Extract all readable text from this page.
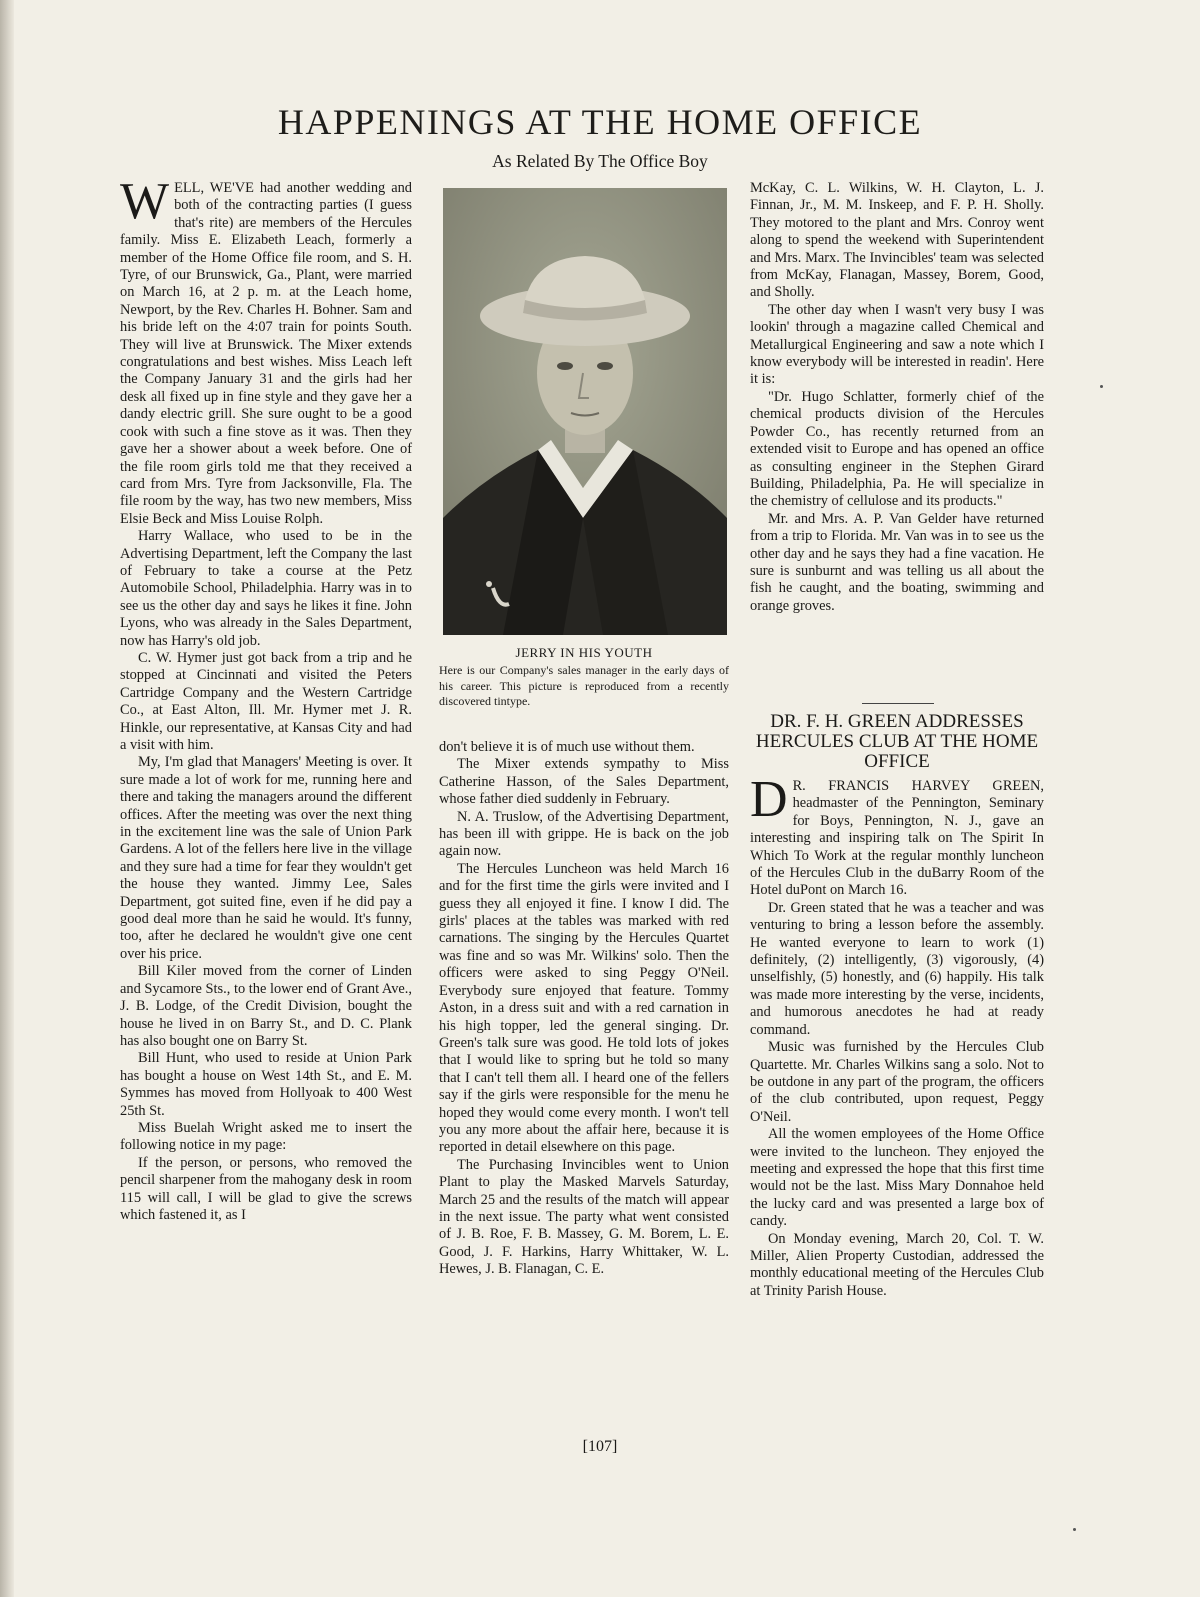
HAPPENINGS AT THE HOME OFFICE
As Related By The Office Boy

WELL, WE'VE had another wedding and both of the contracting parties (I guess that's rite) are members of the Hercules family. Miss E. Elizabeth Leach, formerly a member of the Home Office file room, and S. H. Tyre, of our Brunswick, Ga., Plant, were married on March 16, at 2 p. m. at the Leach home, Newport, by the Rev. Charles H. Bohner. Sam and his bride left on the 4:07 train for points South. They will live at Brunswick. The Mixer extends congratulations and best wishes. Miss Leach left the Company January 31 and the girls had her desk all fixed up in fine style and they gave her a dandy electric grill. She sure ought to be a good cook with such a fine stove as it was. Then they gave her a shower about a week before. One of the file room girls told me that they received a card from Mrs. Tyre from Jacksonville, Fla. The file room by the way, has two new members, Miss Elsie Beck and Miss Louise Rolph.

Harry Wallace, who used to be in the Advertising Department, left the Company the last of February to take a course at the Petz Automobile School, Philadelphia. Harry was in to see us the other day and says he likes it fine. John Lyons, who was already in the Sales Department, now has Harry's old job.

C. W. Hymer just got back from a trip and he stopped at Cincinnati and visited the Peters Cartridge Company and the Western Cartridge Co., at East Alton, Ill. Mr. Hymer met J. R. Hinkle, our representative, at Kansas City and had a visit with him.

My, I'm glad that Managers' Meeting is over. It sure made a lot of work for me, running here and there and taking the managers around the different offices. After the meeting was over the next thing in the excitement line was the sale of Union Park Gardens. A lot of the fellers here live in the village and they sure had a time for fear they wouldn't get the house they wanted. Jimmy Lee, Sales Department, got suited fine, even if he did pay a good deal more than he said he would. It's funny, too, after he declared he wouldn't give one cent over his price.

Bill Kiler moved from the corner of Linden and Sycamore Sts., to the lower end of Grant Ave., J. B. Lodge, of the Credit Division, bought the house he lived in on Barry St., and D. C. Plank has also bought one on Barry St.

Bill Hunt, who used to reside at Union Park has bought a house on West 14th St., and E. M. Symmes has moved from Hollyoak to 400 West 25th St.

Miss Buelah Wright asked me to insert the following notice in my page:

If the person, or persons, who removed the pencil sharpener from the mahogany desk in room 115 will call, I will be glad to give the screws which fastened it, as I

JERRY IN HIS YOUTH
Here is our Company's sales manager in the early days of his career. This picture is reproduced from a recently discovered tintype.

don't believe it is of much use without them.

The Mixer extends sympathy to Miss Catherine Hasson, of the Sales Department, whose father died suddenly in February.

N. A. Truslow, of the Advertising Department, has been ill with grippe. He is back on the job again now.

The Hercules Luncheon was held March 16 and for the first time the girls were invited and I guess they all enjoyed it fine. I know I did. The girls' places at the tables was marked with red carnations. The singing by the Hercules Quartet was fine and so was Mr. Wilkins' solo. Then the officers were asked to sing Peggy O'Neil. Everybody sure enjoyed that feature. Tommy Aston, in a dress suit and with a red carnation in his high topper, led the general singing. Dr. Green's talk sure was good. He told lots of jokes that I would like to spring but he told so many that I can't tell them all. I heard one of the fellers say if the girls were responsible for the menu he hoped they would come every month. I won't tell you any more about the affair here, because it is reported in detail elsewhere on this page.

The Purchasing Invincibles went to Union Plant to play the Masked Marvels Saturday, March 25 and the results of the match will appear in the next issue. The party what went consisted of J. B. Roe, F. B. Massey, G. M. Borem, L. E. Good, J. F. Harkins, Harry Whittaker, W. L. Hewes, J. B. Flanagan, C. E.

McKay, C. L. Wilkins, W. H. Clayton, L. J. Finnan, Jr., M. M. Inskeep, and F. P. H. Sholly. They motored to the plant and Mrs. Conroy went along to spend the weekend with Superintendent and Mrs. Marx. The Invincibles' team was selected from McKay, Flanagan, Massey, Borem, Good, and Sholly.

The other day when I wasn't very busy I was lookin' through a magazine called Chemical and Metallurgical Engineering and saw a note which I know everybody will be interested in readin'. Here it is:

"Dr. Hugo Schlatter, formerly chief of the chemical products division of the Hercules Powder Co., has recently returned from an extended visit to Europe and has opened an office as consulting engineer in the Stephen Girard Building, Philadelphia, Pa. He will specialize in the chemistry of cellulose and its products."

Mr. and Mrs. A. P. Van Gelder have returned from a trip to Florida. Mr. Van was in to see us the other day and he says they had a fine vacation. He sure is sunburnt and was telling us all about the fish he caught, and the boating, swimming and orange groves.

DR. F. H. GREEN ADDRESSES HERCULES CLUB AT THE HOME OFFICE

D R. FRANCIS HARVEY GREEN, headmaster of the Pennington, Seminary for Boys, Pennington, N. J., gave an interesting and inspiring talk on The Spirit In Which To Work at the regular monthly luncheon of the Hercules Club in the duBarry Room of the Hotel duPont on March 16.

Dr. Green stated that he was a teacher and was venturing to bring a lesson before the assembly. He wanted everyone to learn to work (1) definitely, (2) intelligently, (3) vigorously, (4) unselfishly, (5) honestly, and (6) happily. His talk was made more interesting by the verse, incidents, and humorous anecdotes he had at ready command.

Music was furnished by the Hercules Club Quartette. Mr. Charles Wilkins sang a solo. Not to be outdone in any part of the program, the officers of the club contributed, upon request, Peggy O'Neil.

All the women employees of the Home Office were invited to the luncheon. They enjoyed the meeting and expressed the hope that this first time would not be the last. Miss Mary Donnahoe held the lucky card and was presented a large box of candy.

On Monday evening, March 20, Col. T. W. Miller, Alien Property Custodian, addressed the monthly educational meeting of the Hercules Club at Trinity Parish House.

[107]
